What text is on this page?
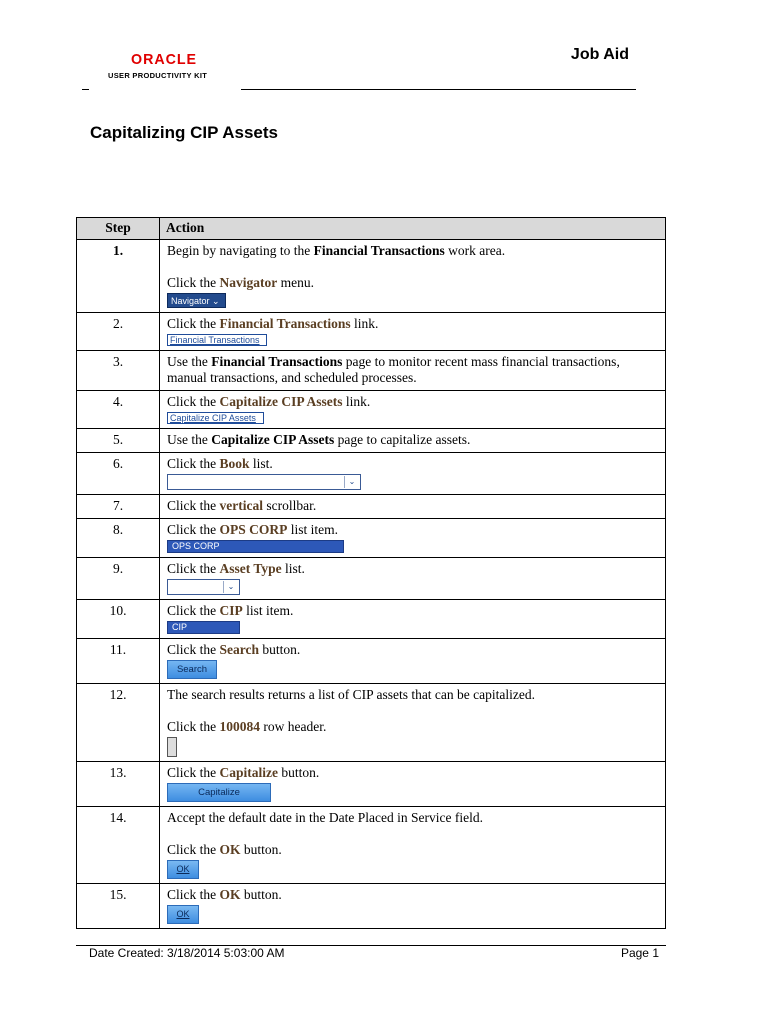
ORACLE
USER PRODUCTIVITY KIT
Job Aid
Capitalizing CIP Assets
Step	Action
1.	Begin by navigating to the Financial Transactions work area.
Click the Navigator menu.
Navigator ⌄

2.	Click the Financial Transactions link.
Financial Transactions

3.	Use the Financial Transactions page to monitor recent mass financial transactions, manual transactions, and scheduled processes.
4.	Click the Capitalize CIP Assets link.
Capitalize CIP Assets

5.	Use the Capitalize CIP Assets page to capitalize assets.
6.	Click the Book list.
⌄

7.	Click the vertical scrollbar.
8.	Click the OPS CORP list item.
OPS CORP

9.	Click the Asset Type list.
⌄

10.	Click the CIP list item.
CIP

11.	Click the Search button.
Search

12.	The search results returns a list of CIP assets that can be capitalized.
Click the 100084 row header.

13.	Click the Capitalize button.
Capitalize

14.	Accept the default date in the Date Placed in Service field.
Click the OK button.
OK

15.	Click the OK button.
OK
Date Created: 3/18/2014 5:03:00 AM	Page 1
